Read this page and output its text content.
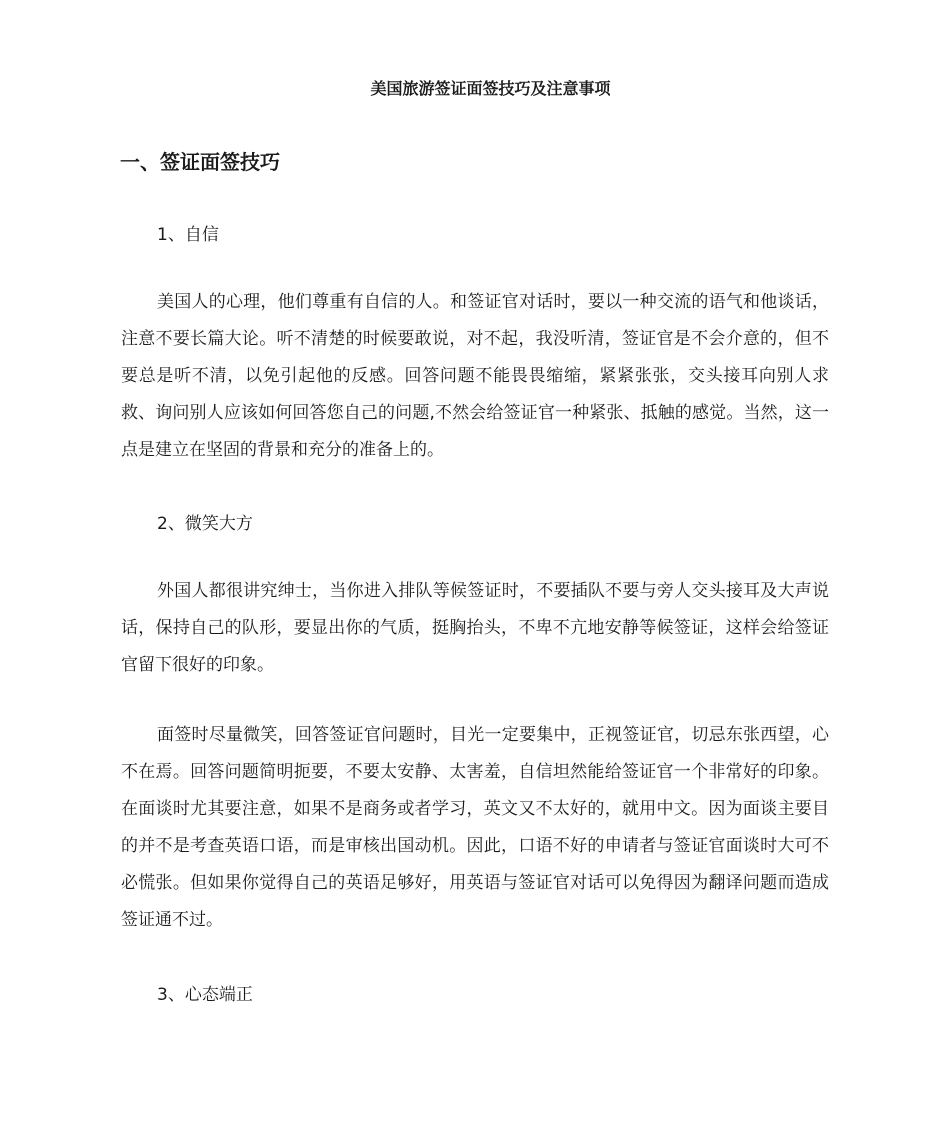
美国旅游签证面签技巧及注意事项
一、签证面签技巧
1、自信

美国人的心理，他们尊重有自信的人。和签证官对话时，要以一种交流的语气和他谈话，注意不要长篇大论。听不清楚的时候要敢说，对不起，我没听清，签证官是不会介意的，但不要总是听不清，以免引起他的反感。回答问题不能畏畏缩缩，紧紧张张，交头接耳向别人求救、询问别人应该如何回答您自己的问题,不然会给签证官一种紧张、抵触的感觉。当然，这一点是建立在坚固的背景和充分的准备上的。

2、微笑大方

外国人都很讲究绅士，当你进入排队等候签证时，不要插队不要与旁人交头接耳及大声说话，保持自己的队形，要显出你的气质，挺胸抬头，不卑不亢地安静等候签证，这样会给签证官留下很好的印象。

面签时尽量微笑，回答签证官问题时，目光一定要集中，正视签证官，切忌东张西望，心不在焉。回答问题简明扼要，不要太安静、太害羞，自信坦然能给签证官一个非常好的印象。在面谈时尤其要注意，如果不是商务或者学习，英文又不太好的，就用中文。因为面谈主要目的并不是考查英语口语，而是审核出国动机。因此，口语不好的申请者与签证官面谈时大可不必慌张。但如果你觉得自己的英语足够好，用英语与签证官对话可以免得因为翻译问题而造成签证通不过。

3、心态端正
